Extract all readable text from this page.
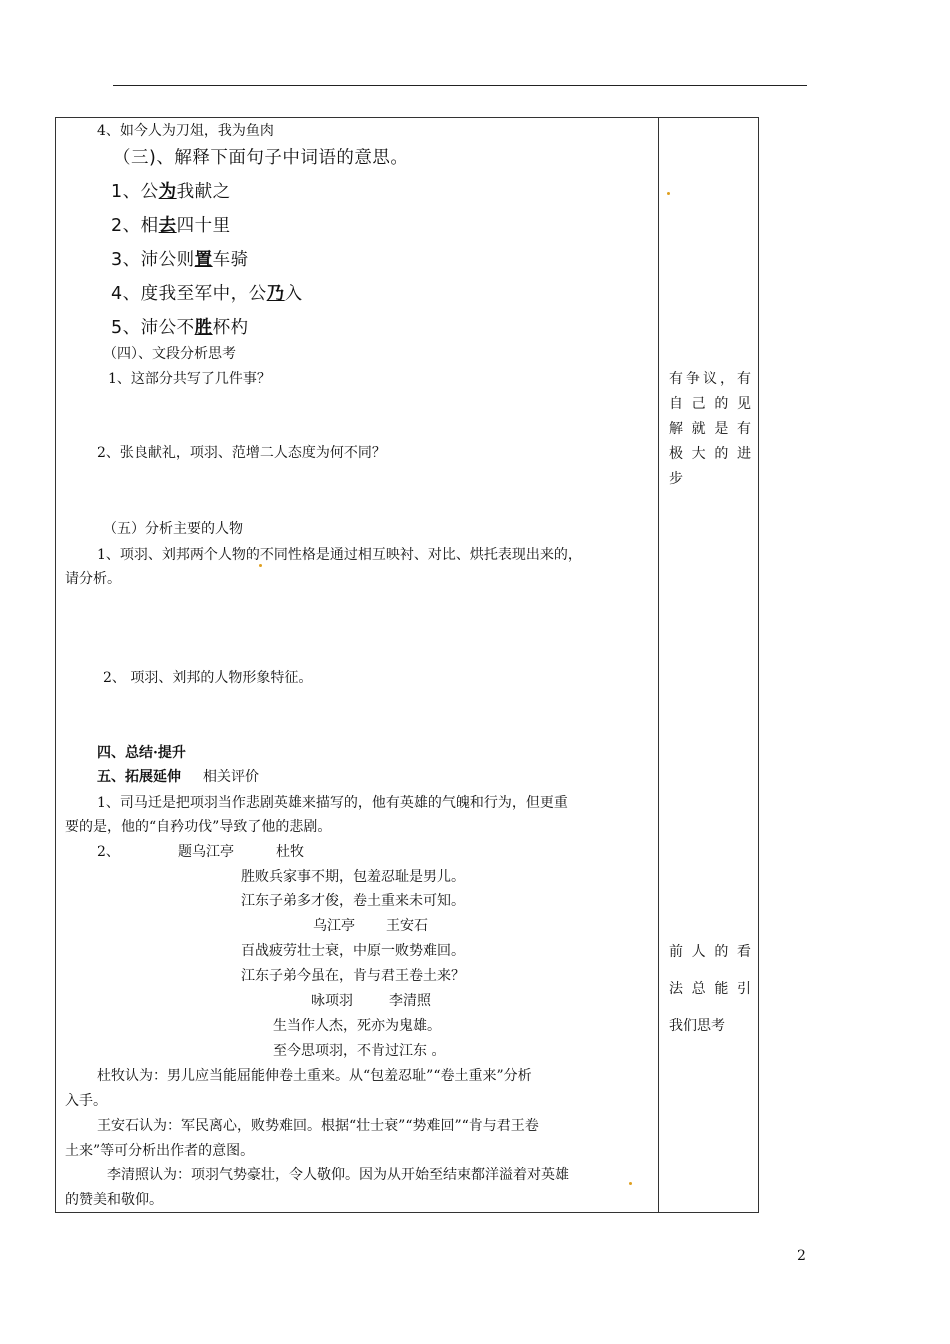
4、如今人为刀俎，我为鱼肉
（三)、解释下面句子中词语的意思。
1、公为我献之
2、相去四十里
3、沛公则置车骑
4、度我至军中，公乃入
5、沛公不胜杯杓
（四）、文段分析思考
1、这部分共写了几件事？
2、张良献礼，项羽、范增二人态度为何不同？
（五）分析主要的人物
1、项羽、刘邦两个人物的不同性格是通过相互映衬、对比、烘托表现出来的，
请分析。
2、 项羽、刘邦的人物形象特征。
四、总结·提升
五、拓展延伸 相关评价
1、司马迁是把项羽当作悲剧英雄来描写的，他有英雄的气魄和行为，但更重
要的是，他的“自矜功伐”导致了他的悲剧。
2、	题乌江亭	杜牧
胜败兵家事不期，包羞忍耻是男儿。
江东子弟多才俊，卷土重来未可知。
乌江亭 王安石
百战疲劳壮士衰，中原一败势难回。
江东子弟今虽在，肯与君王卷土来？
咏项羽	李清照
生当作人杰，死亦为鬼雄。
至今思项羽，不肯过江东 。
杜牧认为：男儿应当能屈能伸卷土重来。从“包羞忍耻”“卷土重来”分析
入手。
王安石认为：军民离心，败势难回。根据“壮士衰”“势难回”“肯与君王卷
土来”等可分析出作者的意图。
李清照认为：项羽气势豪壮，令人敬仰。因为从开始至结束都洋溢着对英雄
的赞美和敬仰。
有争议，有
自 己 的 见
解 就 是 有
极 大 的 进
步
前 人 的 看
法 总 能 引
我们思考
2
